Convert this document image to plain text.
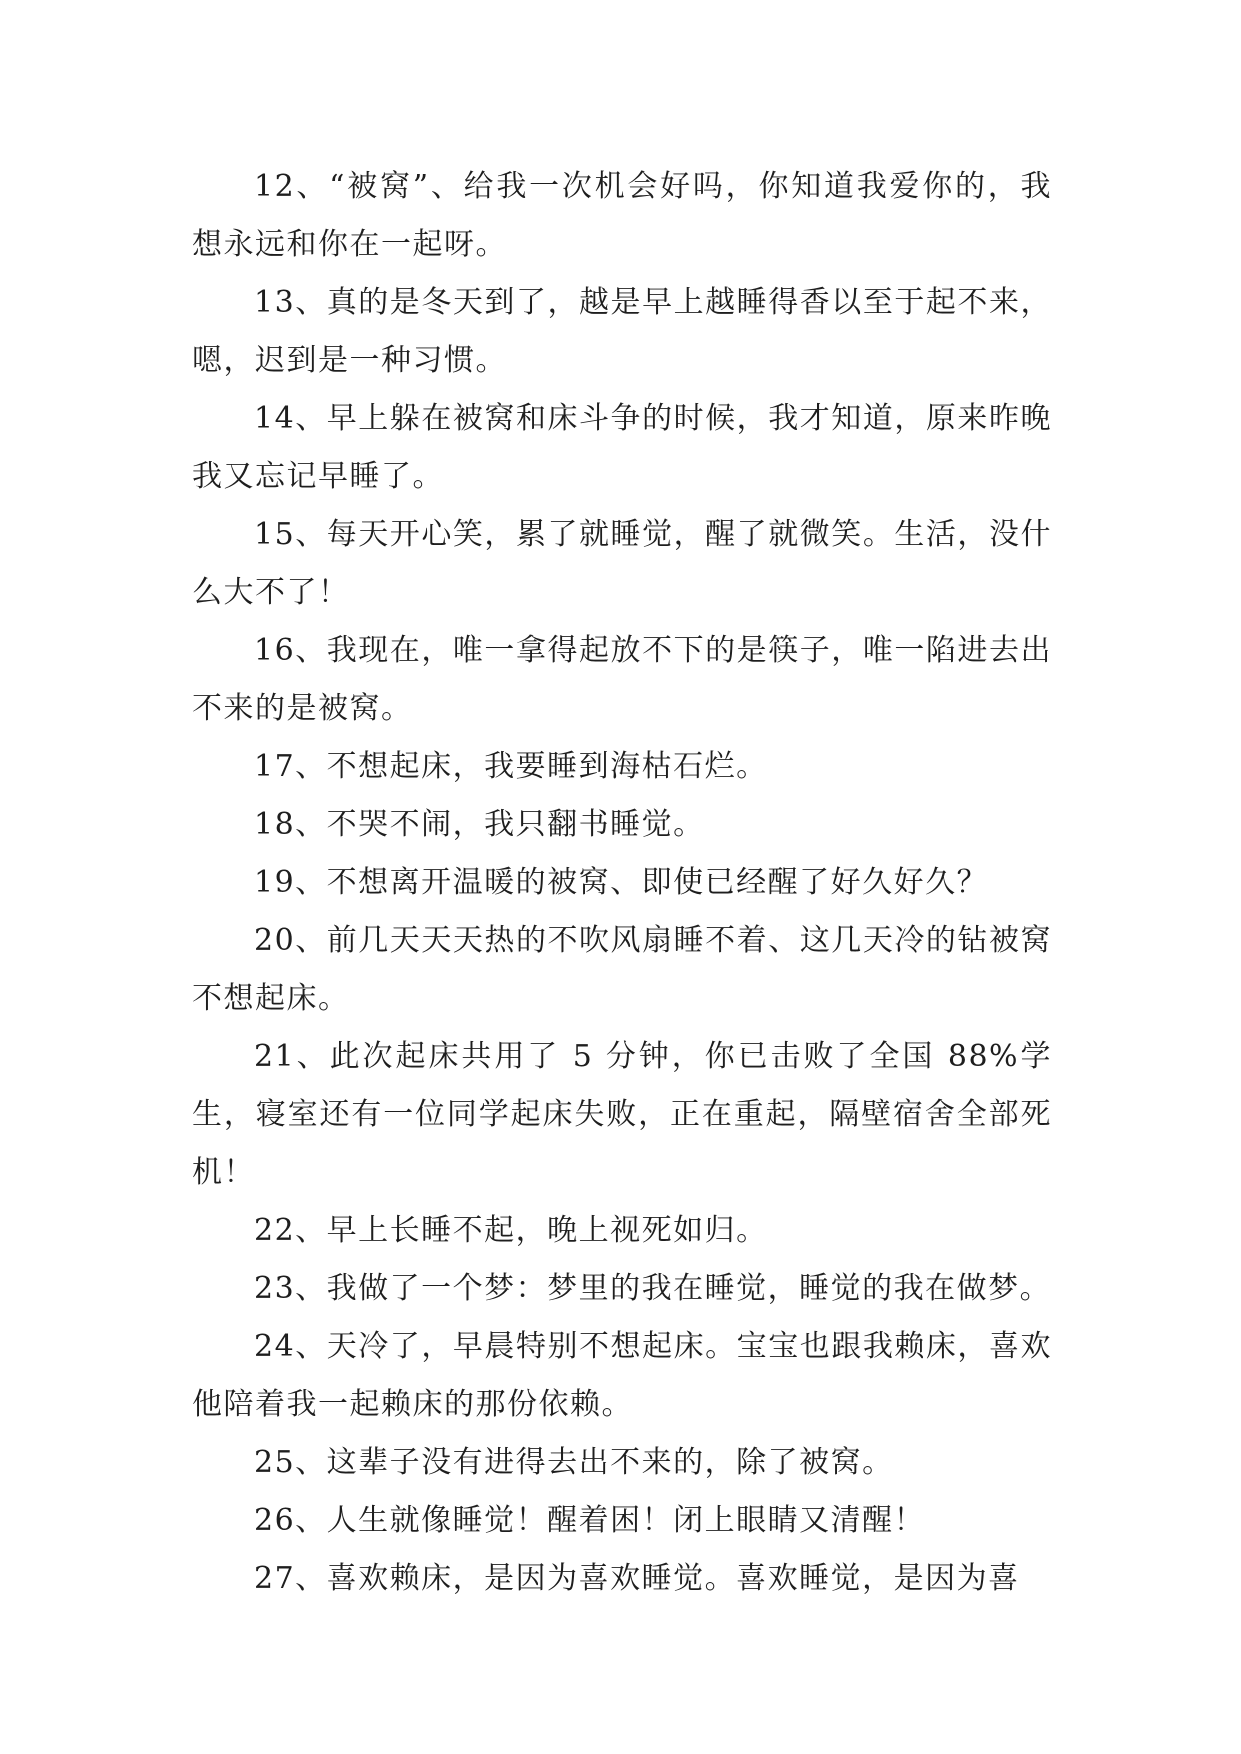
12、“被窝”、给我一次机会好吗，你知道我爱你的，我想永远和你在一起呀。

13、真的是冬天到了，越是早上越睡得香以至于起不来，嗯，迟到是一种习惯。

14、早上躲在被窝和床斗争的时候，我才知道，原来昨晚我又忘记早睡了。

15、每天开心笑，累了就睡觉，醒了就微笑。生活，没什么大不了！

16、我现在，唯一拿得起放不下的是筷子，唯一陷进去出不来的是被窝。

17、不想起床，我要睡到海枯石烂。

18、不哭不闹，我只翻书睡觉。

19、不想离开温暖的被窝、即使已经醒了好久好久？

20、前几天天天热的不吹风扇睡不着、这几天冷的钻被窝不想起床。

21、此次起床共用了 5 分钟，你已击败了全国 88%学生，寝室还有一位同学起床失败，正在重起，隔壁宿舍全部死机！

22、早上长睡不起，晚上视死如归。

23、我做了一个梦：梦里的我在睡觉，睡觉的我在做梦。

24、天冷了，早晨特别不想起床。宝宝也跟我赖床，喜欢他陪着我一起赖床的那份依赖。

25、这辈子没有进得去出不来的，除了被窝。

26、人生就像睡觉！醒着困！闭上眼睛又清醒！

27、喜欢赖床，是因为喜欢睡觉。喜欢睡觉，是因为喜
